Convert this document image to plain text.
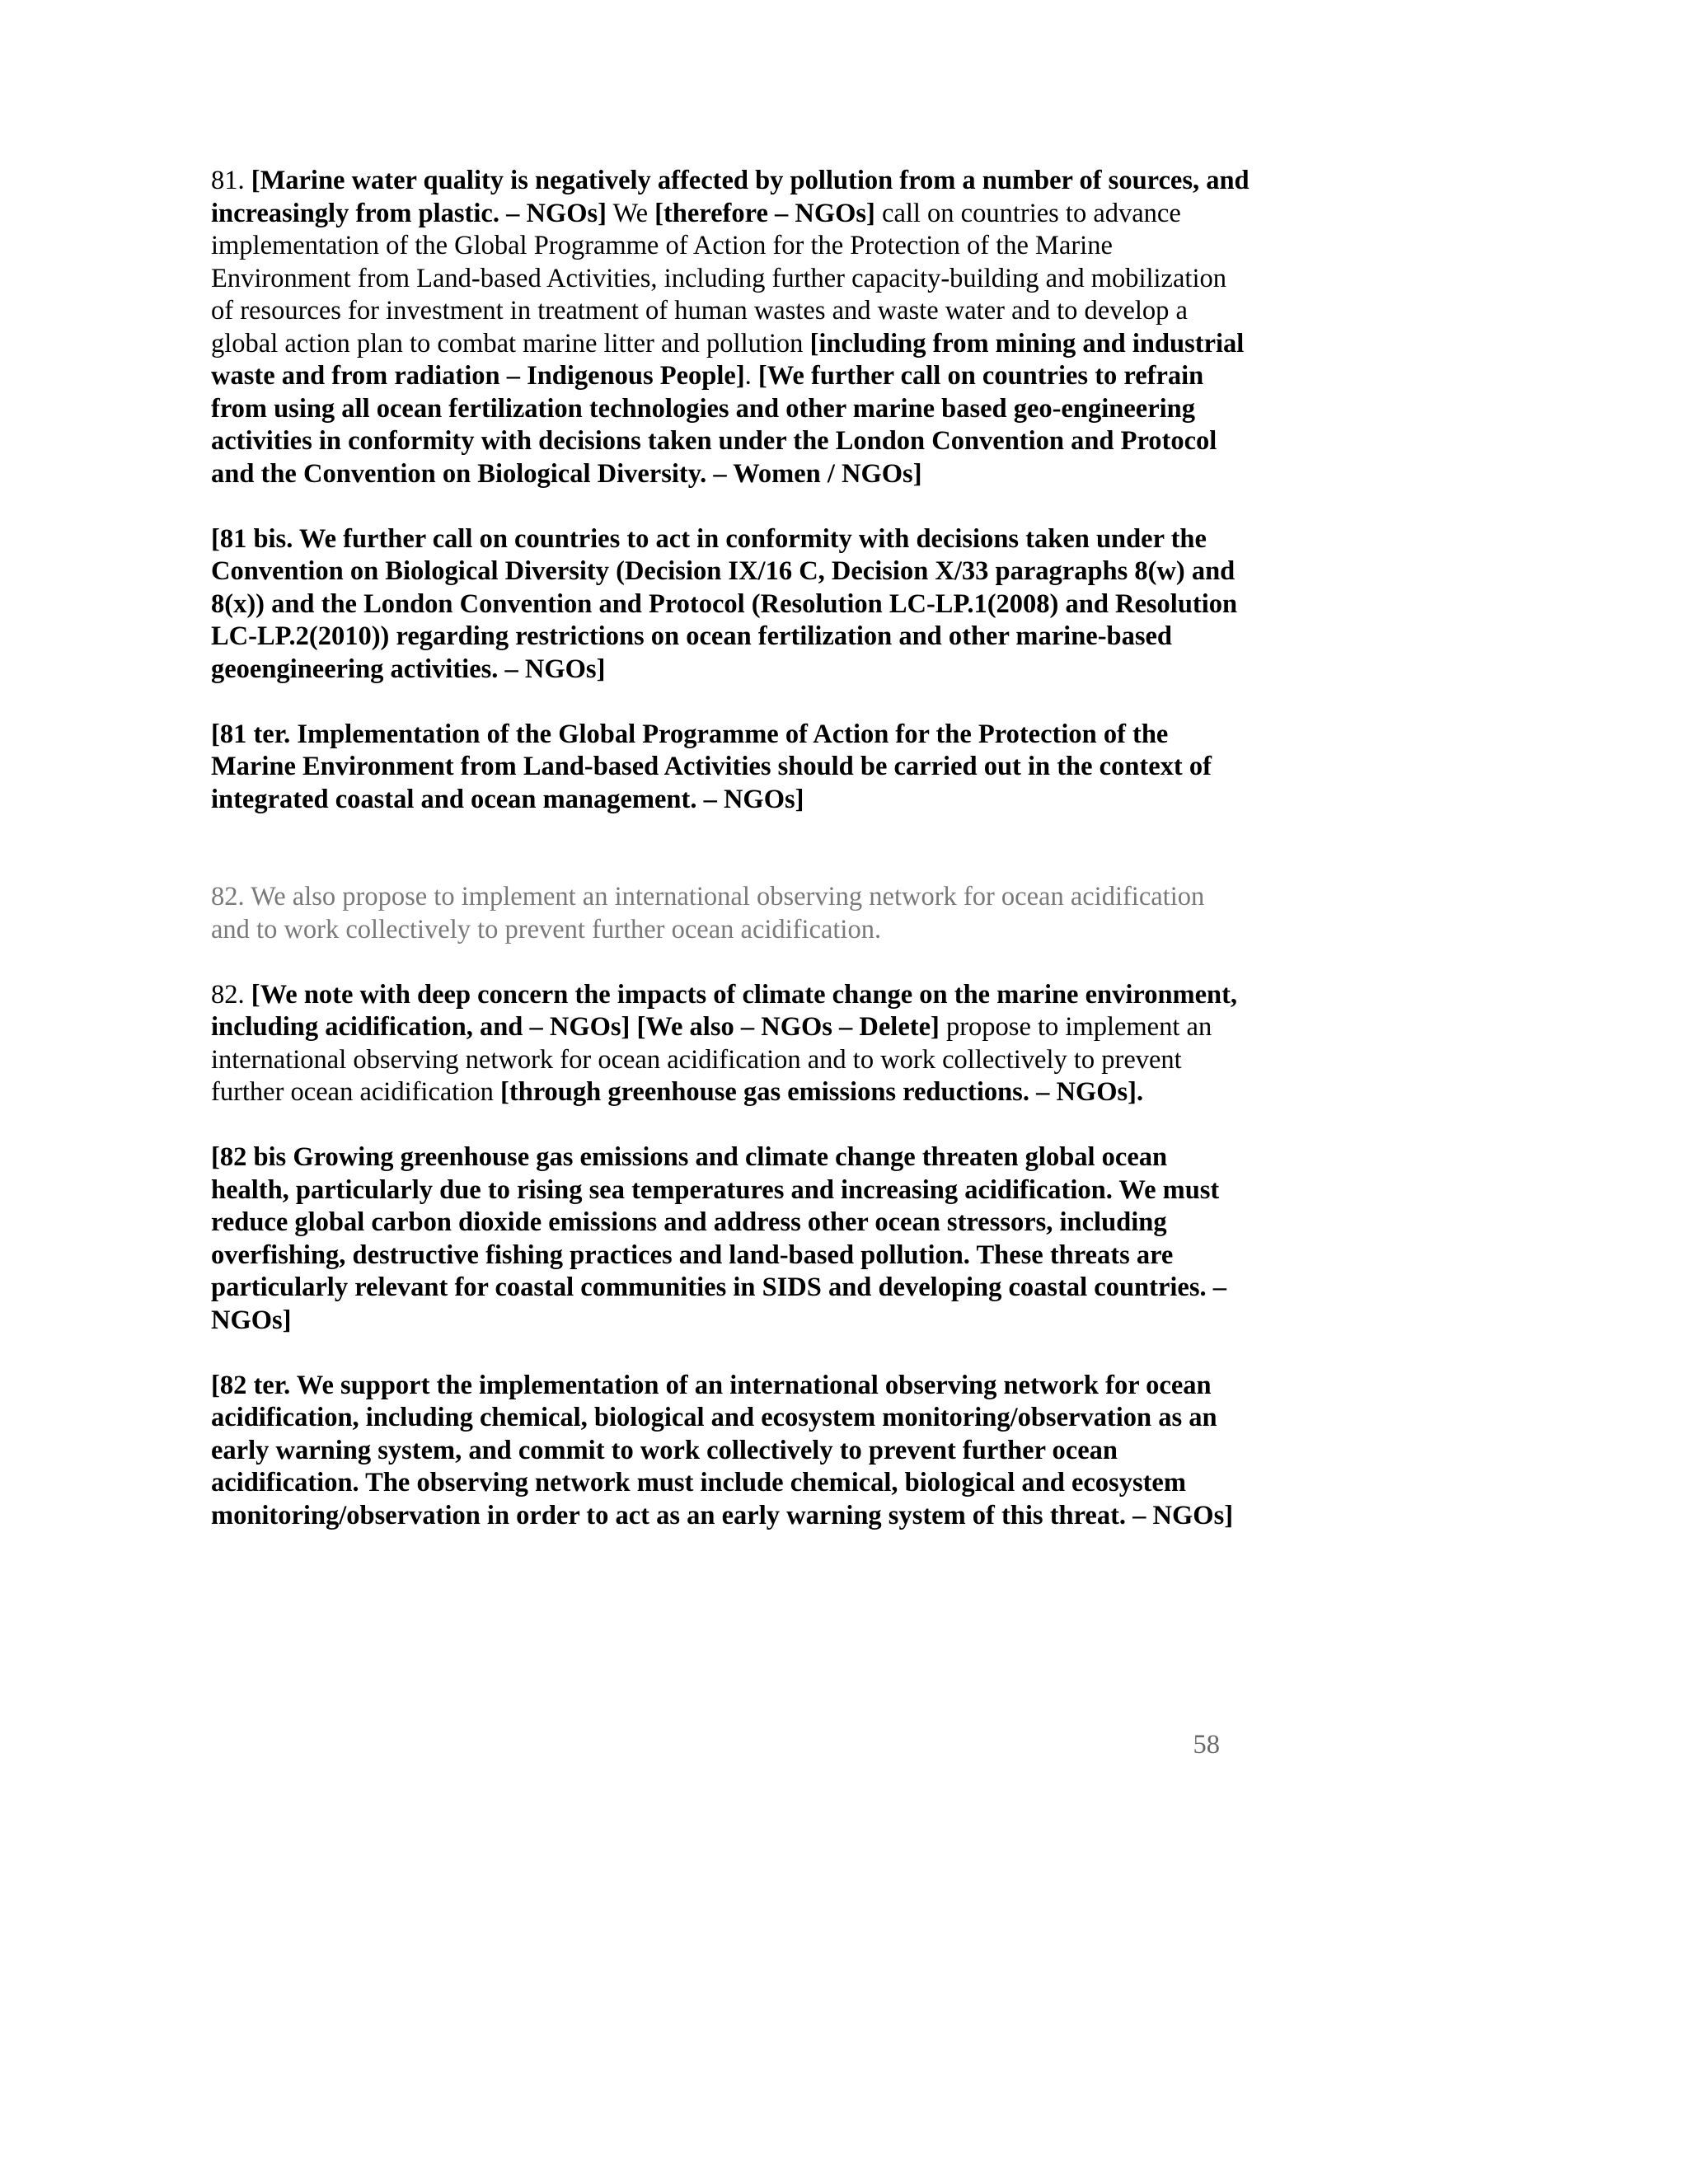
81. [Marine water quality is negatively affected by pollution from a number of sources, and increasingly from plastic. – NGOs] We [therefore – NGOs] call on countries to advance implementation of the Global Programme of Action for the Protection of the Marine Environment from Land-based Activities, including further capacity-building and mobilization of resources for investment in treatment of human wastes and waste water and to develop a global action plan to combat marine litter and pollution [including from mining and industrial waste and from radiation – Indigenous People]. [We further call on countries to refrain from using all ocean fertilization technologies and other marine based geo-engineering activities in conformity with decisions taken under the London Convention and Protocol and the Convention on Biological Diversity. – Women / NGOs]

[81 bis. We further call on countries to act in conformity with decisions taken under the Convention on Biological Diversity (Decision IX/16 C, Decision X/33 paragraphs 8(w) and 8(x)) and the London Convention and Protocol (Resolution LC-LP.1(2008) and Resolution LC-LP.2(2010)) regarding restrictions on ocean fertilization and other marine-based geoengineering activities. – NGOs]

[81 ter. Implementation of the Global Programme of Action for the Protection of the Marine Environment from Land-based Activities should be carried out in the context of integrated coastal and ocean management. – NGOs]

82. We also propose to implement an international observing network for ocean acidification and to work collectively to prevent further ocean acidification.

82. [We note with deep concern the impacts of climate change on the marine environment, including acidification, and – NGOs] [We also – NGOs – Delete] propose to implement an international observing network for ocean acidification and to work collectively to prevent further ocean acidification [through greenhouse gas emissions reductions. – NGOs].

[82 bis Growing greenhouse gas emissions and climate change threaten global ocean health, particularly due to rising sea temperatures and increasing acidification. We must reduce global carbon dioxide emissions and address other ocean stressors, including overfishing, destructive fishing practices and land-based pollution. These threats are particularly relevant for coastal communities in SIDS and developing coastal countries. – NGOs]

[82 ter. We support the implementation of an international observing network for ocean acidification, including chemical, biological and ecosystem monitoring/observation as an early warning system, and commit to work collectively to prevent further ocean acidification. The observing network must include chemical, biological and ecosystem monitoring/observation in order to act as an early warning system of this threat. – NGOs]

58
